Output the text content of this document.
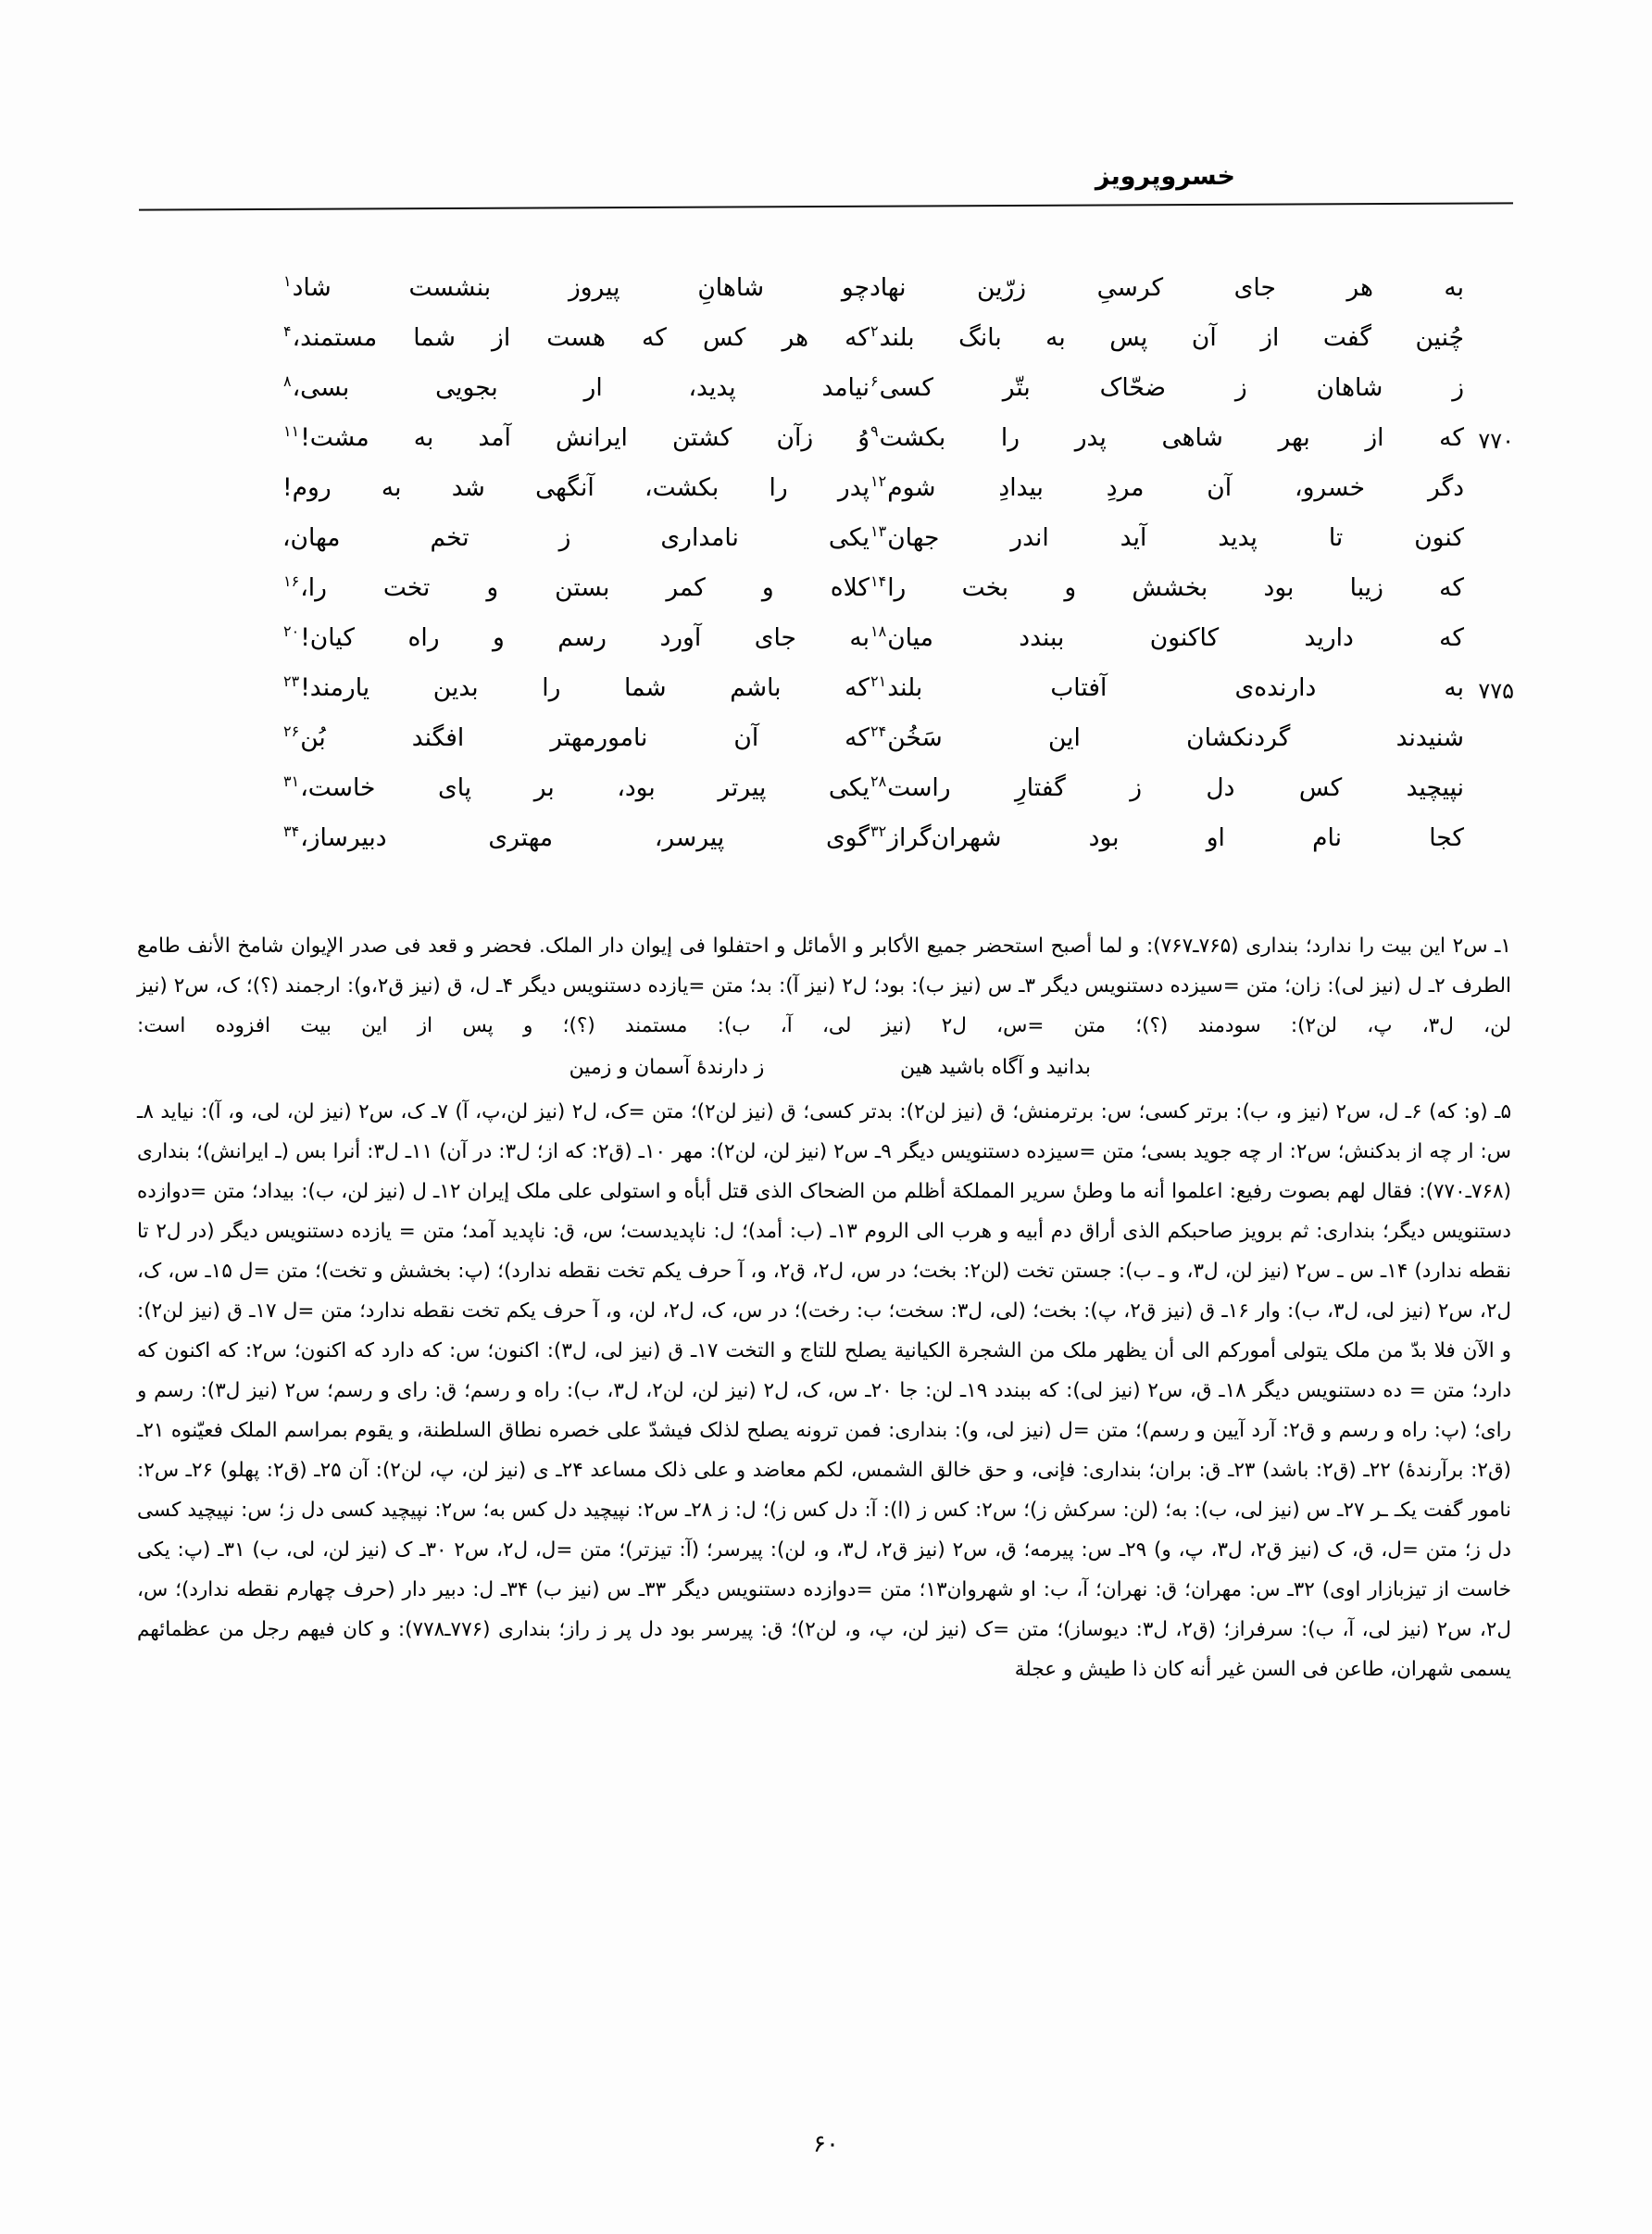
خسروپرویز
به هر جای کرسیِ زرّین نهاد
چو شاهانِ پیروز بنشست شاد$^۱$
چُنین گفت از آن پس به بانگ بلند$^۲$
که هر کس که هست از شما مستمند،$^۴$
ز شاهان ز ضحّاک بتّر کسی$^۶$
نیامد پدید، ار بجویی بسی،$^۸$
۷۷۰
که از بهر شاهی پدر را بکشت$^۹$
وُ زآن کشتن ایرانش آمد به مشت!$^{۱۱}$
دگر خسرو، آن مردِ بیدادِ شوم$^{۱۲}$
پدر را بکشت، آنگهی شد به روم!
کنون تا پدید آید اندر جهان$^{۱۳}$
یکی نامداری ز تخم مهان،
که زیبا بود بخشش و بخت را$^{۱۴}$
کلاه و کمر بستن و تخت را،$^{۱۶}$
که دارید کاکنون ببندد میان$^{۱۸}$
به جای آورد رسم و راه کیان!$^{۲۰}$
۷۷۵
به دارنده‌ی آفتاب بلند$^{۲۱}$
که باشم شما را بدین یارمند!$^{۲۳}$
شنیدند گردنکشان این سَخُن$^{۲۴}$
که آن نامورمهتر افگند بُن$^{۲۶}$
نپیچید کس دل ز گفتارِ راست$^{۲۸}$
یکی پیرتر بود، بر پای خاست،$^{۳۱}$
کجا نام او بود شهران‌گراز$^{۳۲}$
گوی پیرسر، مهتری دبیرساز،$^{۳۴}$

۱ـ س۲ این بیت را ندارد؛ بنداری (۷۶۵ـ۷۶۷): و لما أصبح استحضر جمیع الأکابر و الأمائل و احتفلوا فی إیوان دار الملک. فحضر و قعد فی صدر الإیوان شامخ الأنف طامع الطرف ۲ـ ل (نیز لی): زان؛ متن =سیزده دستنویس دیگر ۳ـ س (نیز ب): بود؛ ل۲ (نیز آ): بد؛ متن =یازده دستنویس دیگر ۴ـ ل، ق (نیز ق۲،و): ارجمند (؟)؛ ک، س۲ (نیز لن، ل۳، پ، لن۲): سودمند (؟)؛ متن =س، ل۲ (نیز لی، آ، ب): مستمند (؟)؛ و پس از این بیت افزوده است:

بدانید و آگاه باشید هینز دارندهٔ آسمان و زمین

۵ـ (و: که) ۶ـ ل، س۲ (نیز و، ب): برتر کسی؛ س: برترمنش؛ ق (نیز لن۲): بدتر کسی؛ ق (نیز لن۲)؛ متن =ک، ل۲ (نیز لن،پ، آ) ۷ـ ک، س۲ (نیز لن، لی، و، آ): نیاید ۸ـ س: ار چه از بدکنش؛ س۲: ار چه جوید بسی؛ متن =سیزده دستنویس دیگر ۹ـ س۲ (نیز لن، لن۲): مهر ۱۰ـ (ق۲: که از؛ ل۳: در آن) ۱۱ـ ل۳: أنرا بس (ـ ایرانش)؛ بنداری (۷۶۸ـ۷۷۰): فقال لهم بصوت رفیع: اعلموا أنه ما وطنٔ سریر المملکة أظلم من الضحاک الذی قتل أبأه و استولی علی ملک إیران ۱۲ـ ل (نیز لن، ب): بیداد؛ متن =دوازده دستنویس دیگر؛ بنداری: ثم برویز صاحبکم الذی أراق دم أبیه و هرب الی الروم ۱۳ـ (ب: أمد)؛ ل: ناپدیدست؛ س، ق: ناپدید آمد؛ متن = یازده دستنویس دیگر (در ل۲ تا نقطه ندارد) ۱۴ـ س ـ س۲ (نیز لن، ل۳، و ـ ب): جستن تخت (لن۲: بخت؛ در س، ل۲، ق۲، و، آ حرف یکم تخت نقطه ندارد)؛ (پ: بخشش و تخت)؛ متن =ل ۱۵ـ س، ک، ل۲، س۲ (نیز لی، ل۳، ب): وار ۱۶ـ ق (نیز ق۲، پ): بخت؛ (لی، ل۳: سخت؛ ب: رخت)؛ در س، ک، ل۲، لن، و، آ حرف یکم تخت نقطه ندارد؛ متن =ل ۱۷ـ ق (نیز لن۲): و الآن فلا بدّ من ملک یتولی أمورکم الی أن یظهر ملک من الشجرة الکیانیة یصلح للتاج و التخت ۱۷ـ ق (نیز لی، ل۳): اکنون؛ س: که دارد که اکنون؛ س۲: که اکنون که دارد؛ متن = ده دستنویس دیگر ۱۸ـ ق، س۲ (نیز لی): که ببندد ۱۹ـ لن: جا ۲۰ـ س، ک، ل۲ (نیز لن، لن۲، ل۳، ب): راه و رسم؛ ق: رای و رسم؛ س۲ (نیز ل۳): رسم و رای؛ (پ: راه و رسم و ق۲: آرد آیین و رسم)؛ متن =ل (نیز لی، و): بنداری: فمن ترونه یصلح لذلک فیشدّ علی خصره نطاق السلطنة، و یقوم بمراسم الملک فعیّنوه ۲۱ـ (ق۲: برآرندۀ) ۲۲ـ (ق۲: باشد) ۲۳ـ ق: بران؛ بنداری: فإنی، و حق خالق الشمس، لکم معاضد و علی ذلک مساعد ۲۴ـ ی (نیز لن، پ، لن۲): آن ۲۵ـ (ق۲: پهلو) ۲۶ـ س۲: نامور گفت یکـ ـر ۲۷ـ س (نیز لی، ب): به؛ (لن: سرکش ز)؛ س۲: کس ز (ا): آ: دل کس ز)؛ ل: ز ۲۸ـ س۲: نپیچید دل کس به؛ س۲: نپیچید کسی دل ز؛ س: نپیچید کسی دل ز؛ متن =ل، ق، ک (نیز ق۲، ل۳، پ، و) ۲۹ـ س: پیرمه؛ ق، س۲ (نیز ق۲، ل۳، و، لن): پیرسر؛ (آ: تیزتر)؛ متن =ل، ل۲، س۲ ۳۰ـ ک (نیز لن، لی، ب) ۳۱ـ (پ: یکی خاست از تیزبازار اوی) ۳۲ـ س: مهران؛ ق: نهران؛ آ، ب: او شهروان۱۳؛ متن =دوازده دستنویس دیگر ۳۳ـ س (نیز ب) ۳۴ـ ل: دبیر دار (حرف چهارم نقطه ندارد)؛ س، ل۲، س۲ (نیز لی، آ، ب): سرفراز؛ (ق۲، ل۳: دیوساز)؛ متن =ک (نیز لن، پ، و، لن۲)؛ ق: پیرسر بود دل پر ز راز؛ بنداری (۷۷۶ـ۷۷۸): و کان فیهم رجل من عظمائهم یسمی شهران، طاعن فی السن غیر أنه کان ذا طیش و عجلة

۶۰
